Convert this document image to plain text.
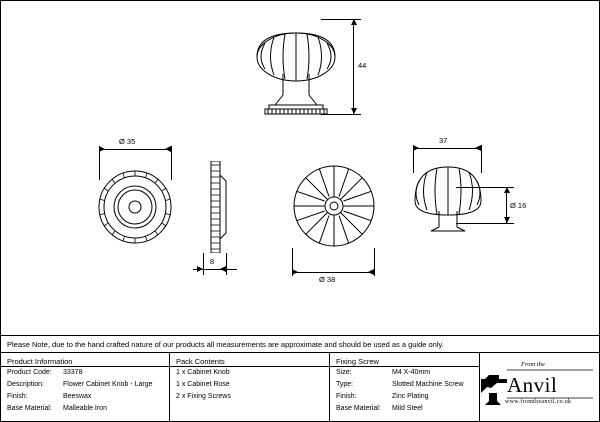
44
Ø 35
8
Ø 38
37
Ø 16
Please Note, due to the hand crafted nature of our products all measurements are approximate and should be used as a guide only.
Product Information
Product Code: 33378
Description:	Flower Cabinet Knob - Large
Finish:	Beeswax
Base Material: Malleable Iron
Pack Contents
1 x Cabinet Knob
1 x Cabinet Rose
2 x Fixing Screws
Fixing Screw
Size:	M4 X-40mm
Type:	Slotted Machine Screw
Finish:	Zinc Plating
Base Material: Mild Steel
From the
Anvil
www.fromtheanvil.co.uk
